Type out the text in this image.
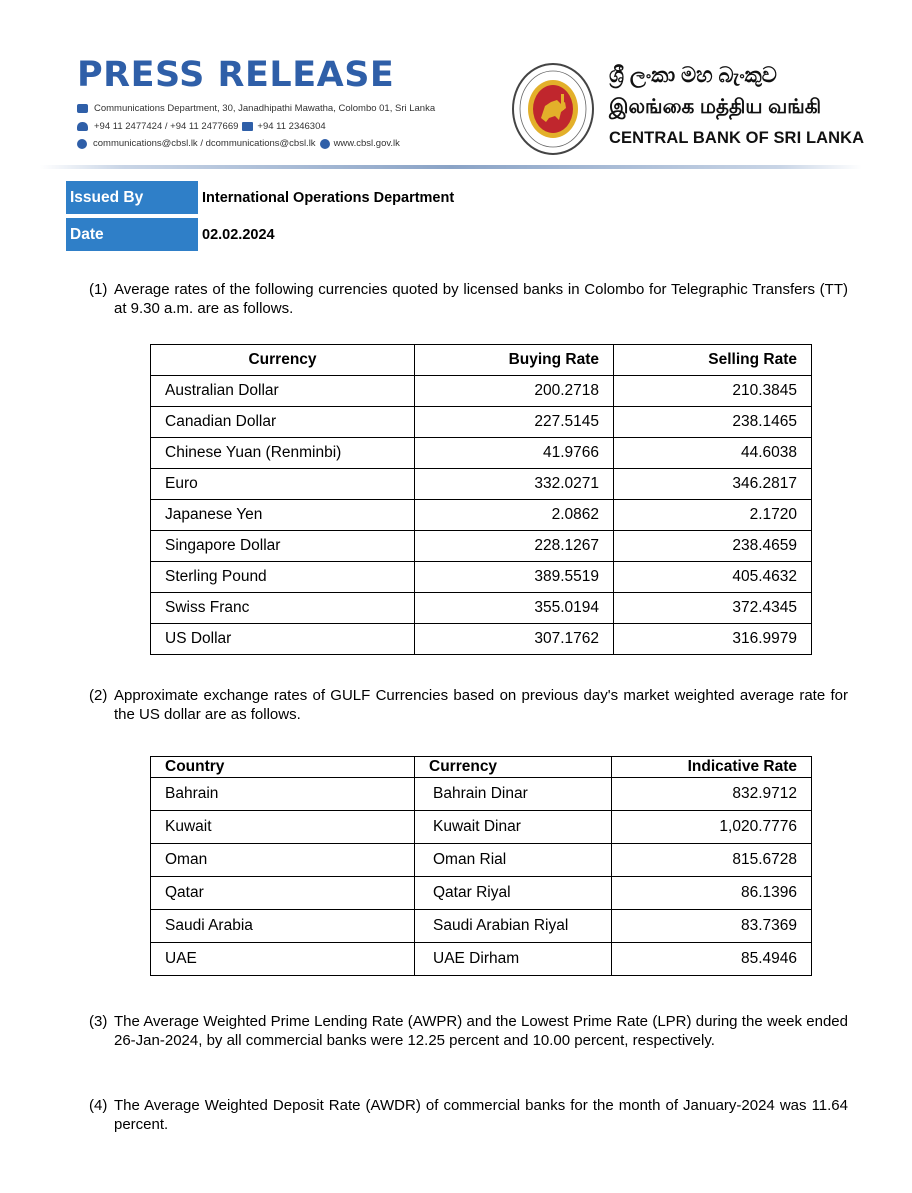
PRESS RELEASE
Communications Department, 30, Janadhipathi Mawatha, Colombo 01, Sri Lanka
+94 11 2477424 / +94 11 2477669 +94 11 2346304
communications@cbsl.lk / dcommunications@cbsl.lk www.cbsl.gov.lk
ශ්‍රී ලංකා මහ බැංකුව
இலங்கை மத்திய வங்கி
CENTRAL BANK OF SRI LANKA
Issued By	International Operations Department
Date	02.02.2024
(1) Average rates of the following currencies quoted by licensed banks in Colombo for Telegraphic Transfers (TT) at 9.30 a.m. are as follows.
Currency	Buying Rate	Selling Rate
Australian Dollar	200.2718	210.3845
Canadian Dollar	227.5145	238.1465
Chinese Yuan (Renminbi)	41.9766	44.6038
Euro	332.0271	346.2817
Japanese Yen	2.0862	2.1720
Singapore Dollar	228.1267	238.4659
Sterling Pound	389.5519	405.4632
Swiss Franc	355.0194	372.4345
US Dollar	307.1762	316.9979
(2) Approximate exchange rates of GULF Currencies based on previous day's market weighted average rate for the US dollar are as follows.
Country	Currency	Indicative Rate
Bahrain	Bahrain Dinar	832.9712
Kuwait	Kuwait Dinar	1,020.7776
Oman	Oman Rial	815.6728
Qatar	Qatar Riyal	86.1396
Saudi Arabia	Saudi Arabian Riyal	83.7369
UAE	UAE Dirham	85.4946
(3) The Average Weighted Prime Lending Rate (AWPR) and the Lowest Prime Rate (LPR) during the week ended 26-Jan-2024, by all commercial banks were 12.25 percent and 10.00 percent, respectively.
(4) The Average Weighted Deposit Rate (AWDR) of commercial banks for the month of January-2024 was 11.64 percent.
